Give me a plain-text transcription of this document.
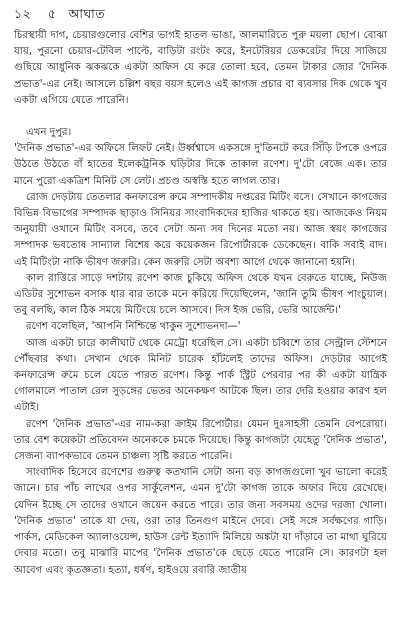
১২ ৫ আঘাত

চিরস্থায়ী দাগ, চেয়ারগুলোর বেশির ভাগই হাতল ভাঙা, আলমারিতে পুরু ময়লা ছোপ। বোঝা যায়, পুরনো চেয়ার-টেবিল পাল্টে, বাড়িটা রংটং করে, ইনটেরিয়র ডেকরেটর দিয়ে সাজিয়ে গুছিয়ে আধুনিক ঝকঝকে একটা অফিস যে করে তোলা হবে, তেমন টাকার জোর 'দৈনিক প্রভাত'-এর নেই। আসলে চল্লিশ বছর বয়স হলেও এই কাগজ প্রচার বা ব্যবসার দিক থেকে খুব একটা এগিয়ে যেতে পারেনি।

এখন দুপুর।

'দৈনিক প্রভাত'-এর অফিসে লিফট নেই। উর্ধ্বশ্বাসে একসঙ্গে দু'তিনটে করে সিঁড়ি টপকে ওপরে উঠতে উঠতে বাঁ হাতের ইলেকট্রনিক ঘড়িটার দিকে তাকাল রণেশ। দু'টো বেজে এক। তার মানে পুরো একত্রিশ মিনিট সে লেট। প্রচণ্ড অস্বস্তি হতে লাগল তার।

রোজ দেড়টায় তেতলার কনফারেন্স রুমে সম্পাদকীয় দপ্তরের মিটিং বসে। সেখানে কাগজের বিভিন্ন বিভাগের সম্পাদক ছাড়াও সিনিয়র সাংবাদিকদের হাজির থাকতে হয়। আজকেও নিয়ম অনুযায়ী ওখানে মিটিং বসবে, তবে সেটা অন্য সব দিনের মতো নয়। আজ স্বয়ং কাগজের সম্পাদক ভবতোষ সান্যাল বিশেষ করে কয়েকজন রিপোর্টারকে ডেকেছেন। বাকি সবাই বাদ। এই মিটিংটা নাকি ভীষণ জরুরি। কেন জরুরি সেটা অবশ্য আগে থেকে জানানো হয়নি।

কাল রাত্তিরে সাড়ে দশটায় রণেশ কাজ চুকিয়ে অফিস থেকে যখন বেরুতে যাচ্ছে, নিউজ এডিটর সুশোভন বসাক ধার বার তাকে মনে করিয়ে দিয়েছিলেন, 'জানি তুমি ভীষণ পাংচুয়াল। তবু বলছি, কাল ঠিক সময়ে মিটিংয়ে চলে আসবে। দিস ইজ ভেরি, ভেরি আর্জেন্ট।'

রণেশ বলেছিল, 'আপনি নিশ্চিন্তে থাকুন সুশোভনদা—'

আজ একটা চারে কালীঘাট থেকে মেট্রো ধরেছিল সে। একটা চব্বিশে তার সেন্ট্রাল স্টেশনে পৌঁছবার কথা। সেখান থেকে মিনিট চারেক হাঁটলেই তাদের অফিস। দেড়টার আগেই কনফারেন্স রুমে চলে যেতে পারত রণেশ। কিন্তু পার্ক স্ট্রিট পেরবার পর কী একটা যান্ত্রিক গোলমালে পাতাল রেল সুড়ঙ্গের ভেতর অনেকক্ষণ আটকে ছিল। তার দেরি হওয়ার কারণ হল এটাই।

রণেশ 'দৈনিক প্রভাত'-এর নাম-করা ক্রাইম রিপোর্টার। যেমন দুঃসাহসী তেমনি বেপরোয়া। তার বেশ কয়েকটা প্রতিবেদন অনেককে চমকে দিয়েছে। কিন্তু কাগজটা যেহেতু 'দৈনিক প্রভাত', সেজন্য ব্যাপকভাবে তেমন চাঞ্চল্য সৃষ্টি করতে পারেনি।

সাংবাদিক হিসেবে রণেশের গুরুত্ব কতখানি সেটা অন্য বড় কাগজগুলো খুব ভালো করেই জানে। চার পাঁচ লাখের ওপর সার্কুলেশন, এমন দু'টো কাগজ তাকে অফার দিয়ে রেখেছে। যেদিন ইচ্ছে সে তাদের ওখানে জয়েন করতে পারে। তার জন্য সবসময় ওদের দরজা খোলা। 'দৈনিক প্রভাত' তাকে যা দেয়, ওরা তার তিনগুণ মাইনে দেবে। সেই সঙ্গে সর্বক্ষণের গাড়ি। পার্কস, মেডিকেল অ্যালাওয়েন্স, হাউস রেন্ট ইত্যাদি মিলিয়ে অঙ্কটা যা দাঁড়াবে তা মাথা ঘুরিয়ে দেবার মতো। তবু মাঝারি মাপের 'দৈনিক প্রভাত'কে ছেড়ে যেতে পারেনি সে। কারণটা হল আবেগ এবং কৃতজ্ঞতা। হত্যা, ধর্ষণ, হাইওয়ে রবারি জাতীয়
